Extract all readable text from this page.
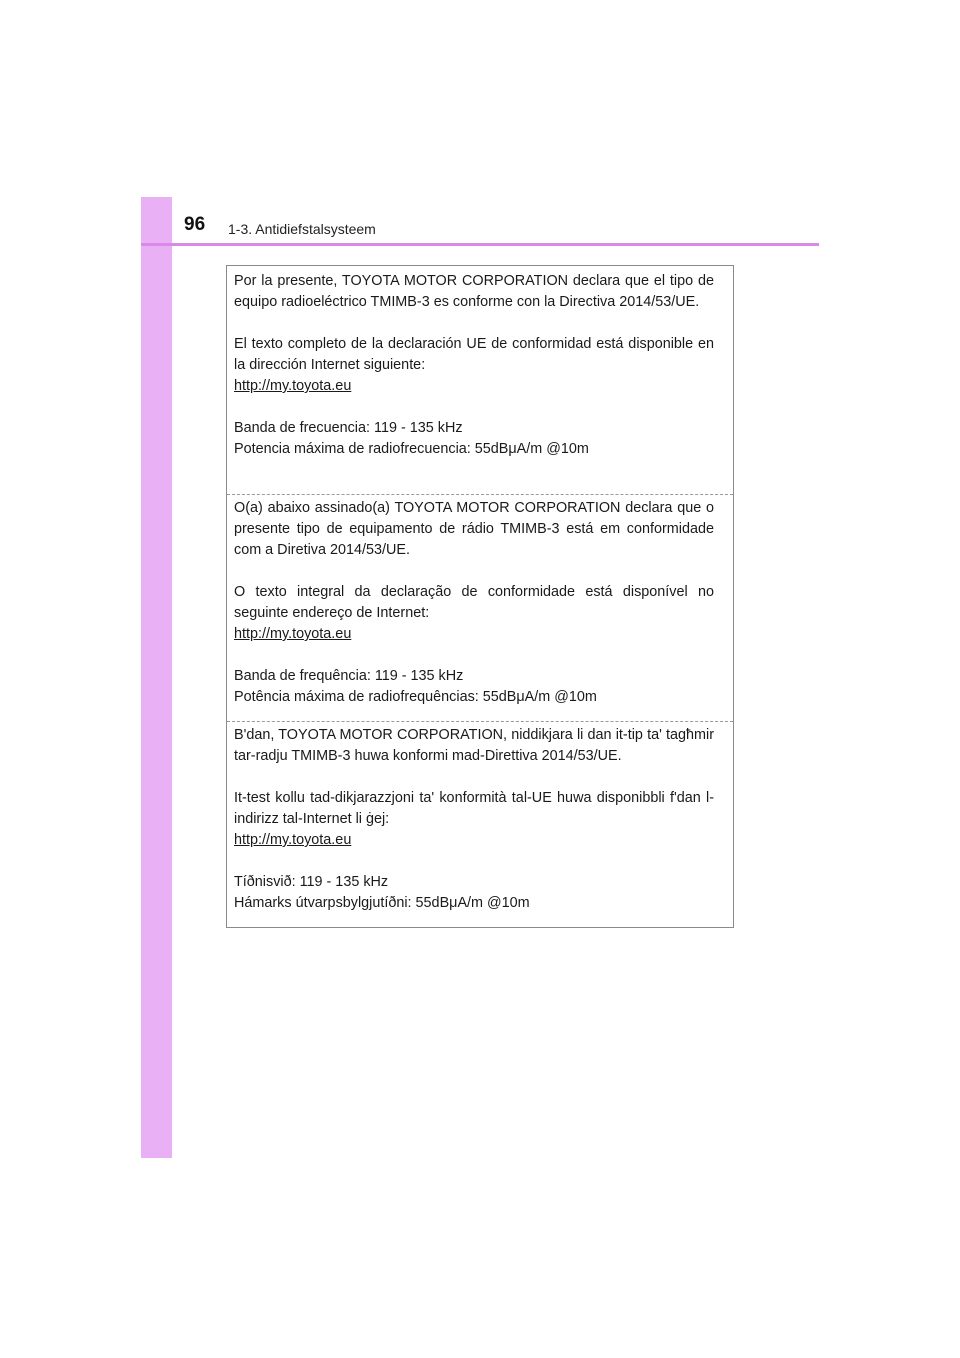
96 1-3. Antidiefstalsysteem

Por la presente, TOYOTA MOTOR CORPORATION declara que el tipo de equipo radioeléctrico TMIMB-3 es conforme con la Directiva 2014/53/UE.

El texto completo de la declaración UE de conformidad está disponible en la dirección Internet siguiente:

http://my.toyota.eu

Banda de frecuencia: 119 - 135 kHz

Potencia máxima de radiofrecuencia: 55dBμA/m @10m

O(a) abaixo assinado(a) TOYOTA MOTOR CORPORATION declara que o presente tipo de equipamento de rádio TMIMB-3 está em conformidade com a Diretiva 2014/53/UE.

O texto integral da declaração de conformidade está disponível no seguinte endereço de Internet:

http://my.toyota.eu

Banda de frequência: 119 - 135 kHz

Potência máxima de radiofrequências: 55dBμA/m @10m

B'dan, TOYOTA MOTOR CORPORATION, niddikjara li dan it-tip ta' tagħmir tar-radju TMIMB-3 huwa konformi mad-Direttiva 2014/53/UE.

It-test kollu tad-dikjarazzjoni ta' konformità tal-UE huwa disponibbli f'dan l-indirizz tal-Internet li ġej:

http://my.toyota.eu

Tíðnisvið: 119 - 135 kHz

Hámarks útvarpsbylgjutíðni: 55dBμA/m @10m
